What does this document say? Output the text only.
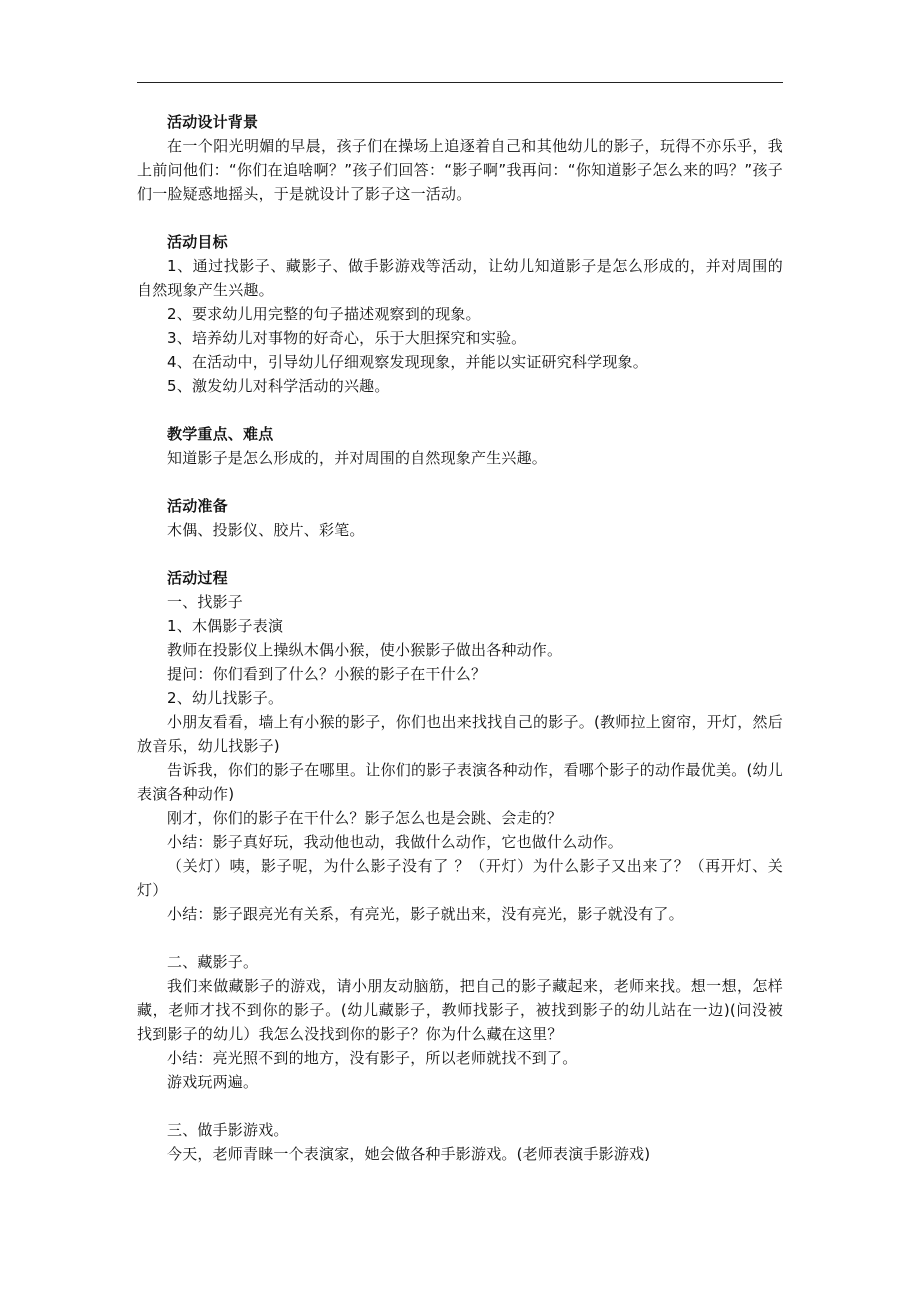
活动设计背景

在一个阳光明媚的早晨，孩子们在操场上追逐着自己和其他幼儿的影子，玩得不亦乐乎，我上前问他们：“你们在追啥啊？”孩子们回答：“影子啊”我再问：“你知道影子怎么来的吗？”孩子们一脸疑惑地摇头，于是就设计了影子这一活动。

活动目标

1、通过找影子、藏影子、做手影游戏等活动，让幼儿知道影子是怎么形成的，并对周围的自然现象产生兴趣。

2、要求幼儿用完整的句子描述观察到的现象。

3、培养幼儿对事物的好奇心，乐于大胆探究和实验。

4、在活动中，引导幼儿仔细观察发现现象，并能以实证研究科学现象。

5、激发幼儿对科学活动的兴趣。

教学重点、难点

知道影子是怎么形成的，并对周围的自然现象产生兴趣。

活动准备

木偶、投影仪、胶片、彩笔。

活动过程

一、找影子

1、木偶影子表演

教师在投影仪上操纵木偶小猴，使小猴影子做出各种动作。

提问：你们看到了什么？小猴的影子在干什么？

2、幼儿找影子。

小朋友看看，墙上有小猴的影子，你们也出来找找自己的影子。(教师拉上窗帘，开灯，然后放音乐，幼儿找影子)

告诉我，你们的影子在哪里。让你们的影子表演各种动作，看哪个影子的动作最优美。(幼儿表演各种动作)

刚才，你们的影子在干什么？影子怎么也是会跳、会走的？

小结：影子真好玩，我动他也动，我做什么动作，它也做什么动作。

（关灯）咦，影子呢，为什么影子没有了 ？（开灯）为什么影子又出来了？（再开灯、关灯）

小结：影子跟亮光有关系，有亮光，影子就出来，没有亮光，影子就没有了。

二、藏影子。

我们来做藏影子的游戏，请小朋友动脑筋，把自己的影子藏起来，老师来找。想一想，怎样藏，老师才找不到你的影子。(幼儿藏影子，教师找影子，被找到影子的幼儿站在一边)(问没被 找到影子的幼儿）我怎么没找到你的影子？你为什么藏在这里？

小结：亮光照不到的地方，没有影子，所以老师就找不到了。

游戏玩两遍。

三、做手影游戏。

今天，老师青睐一个表演家，她会做各种手影游戏。(老师表演手影游戏)
